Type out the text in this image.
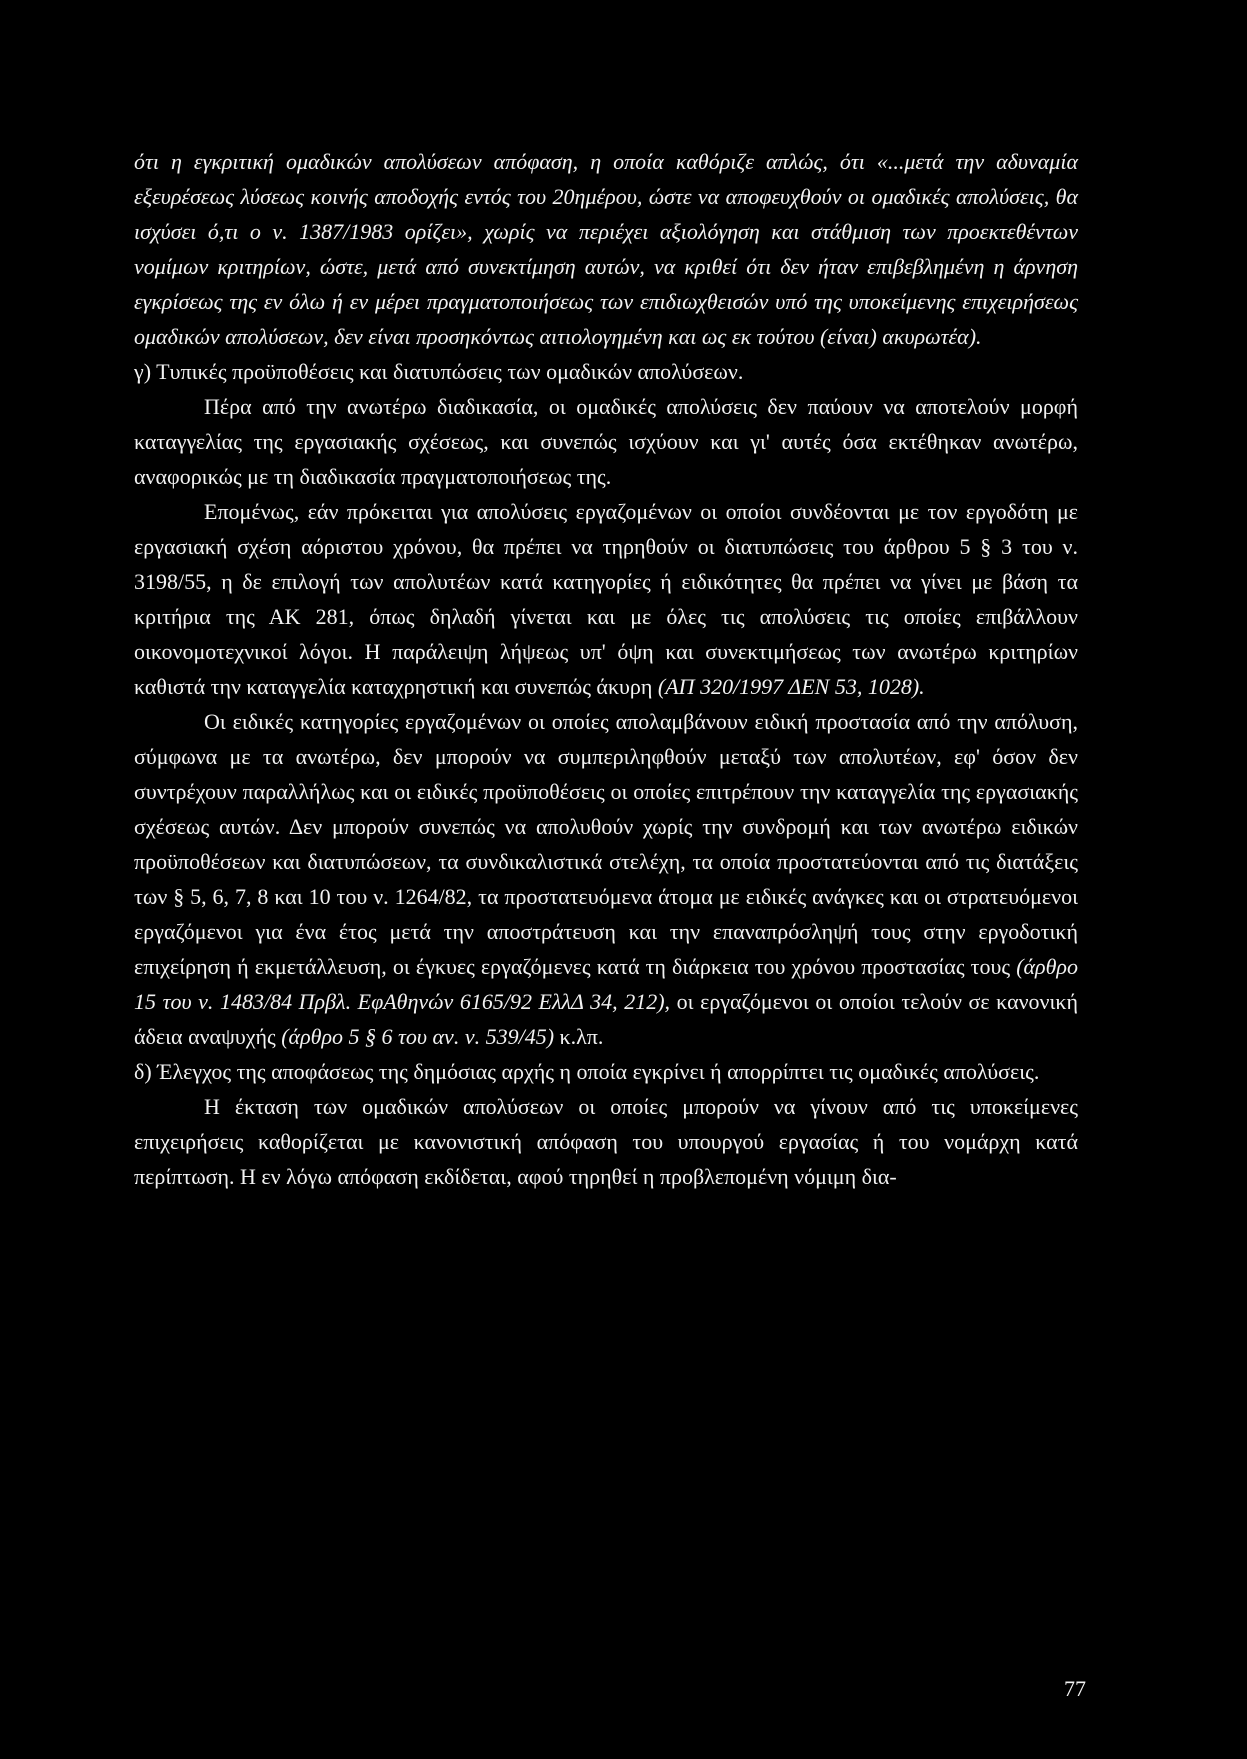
ότι η εγκριτική ομαδικών απολύσεων απόφαση, η οποία καθόριζε απλώς, ότι «...μετά την αδυναμία εξευρέσεως λύσεως κοινής αποδοχής εντός του 20ημέρου, ώστε να αποφευχθούν οι ομαδικές απολύσεις, θα ισχύσει ό,τι ο ν. 1387/1983 ορίζει», χωρίς να περιέχει αξιολόγηση και στάθμιση των προεκτεθέντων νομίμων κριτηρίων, ώστε, μετά από συνεκτίμηση αυτών, να κριθεί ότι δεν ήταν επιβεβλημένη η άρνηση εγκρίσεως της εν όλω ή εν μέρει πραγματοποιήσεως των επιδιωχθεισών υπό της υποκείμενης επιχειρήσεως ομαδικών απολύσεων, δεν είναι προσηκόντως αιτιολογημένη και ως εκ τούτου (είναι) ακυρωτέα).

γ) Τυπικές προϋποθέσεις και διατυπώσεις των ομαδικών απολύσεων.

Πέρα από την ανωτέρω διαδικασία, οι ομαδικές απολύσεις δεν παύουν να αποτελούν μορφή καταγγελίας της εργασιακής σχέσεως, και συνεπώς ισχύουν και γι' αυτές όσα εκτέθηκαν ανωτέρω, αναφορικώς με τη διαδικασία πραγματοποιήσεως της.

Επομένως, εάν πρόκειται για απολύσεις εργαζομένων οι οποίοι συνδέονται με τον εργοδότη με εργασιακή σχέση αόριστου χρόνου, θα πρέπει να τηρηθούν οι διατυπώσεις του άρθρου 5 § 3 του ν. 3198/55, η δε επιλογή των απολυτέων κατά κατηγορίες ή ειδικότητες θα πρέπει να γίνει με βάση τα κριτήρια της ΑΚ 281, όπως δηλαδή γίνεται και με όλες τις απολύσεις τις οποίες επιβάλλουν οικονομοτεχνικοί λόγοι. Η παράλειψη λήψεως υπ' όψη και συνεκτιμήσεως των ανωτέρω κριτηρίων καθιστά την καταγγελία καταχρηστική και συνεπώς άκυρη (ΑΠ 320/1997 ΔΕΝ 53, 1028).

Οι ειδικές κατηγορίες εργαζομένων οι οποίες απολαμβάνουν ειδική προστασία από την απόλυση, σύμφωνα με τα ανωτέρω, δεν μπορούν να συμπεριληφθούν μεταξύ των απολυτέων, εφ' όσον δεν συντρέχουν παραλλήλως και οι ειδικές προϋποθέσεις οι οποίες επιτρέπουν την καταγγελία της εργασιακής σχέσεως αυτών. Δεν μπορούν συνεπώς να απολυθούν χωρίς την συνδρομή και των ανωτέρω ειδικών προϋποθέσεων και διατυπώσεων, τα συνδικαλιστικά στελέχη, τα οποία προστατεύονται από τις διατάξεις των § 5, 6, 7, 8 και 10 του ν. 1264/82, τα προστατευόμενα άτομα με ειδικές ανάγκες και οι στρατευόμενοι εργαζόμενοι για ένα έτος μετά την αποστράτευση και την επαναπρόσληψή τους στην εργοδοτική επιχείρηση ή εκμετάλλευση, οι έγκυες εργαζόμενες κατά τη διάρκεια του χρόνου προστασίας τους (άρθρο 15 του ν. 1483/84 Πρβλ. ΕφΑθηνών 6165/92 ΕλλΔ 34, 212), οι εργαζόμενοι οι οποίοι τελούν σε κανονική άδεια αναψυχής (άρθρο 5 § 6 του αν. ν. 539/45) κ.λπ.

δ) Έλεγχος της αποφάσεως της δημόσιας αρχής η οποία εγκρίνει ή απορρίπτει τις ομαδικές απολύσεις.

Η έκταση των ομαδικών απολύσεων οι οποίες μπορούν να γίνουν από τις υποκείμενες επιχειρήσεις καθορίζεται με κανονιστική απόφαση του υπουργού εργασίας ή του νομάρχη κατά περίπτωση. Η εν λόγω απόφαση εκδίδεται, αφού τηρηθεί η προβλεπομένη νόμιμη δια-

77
